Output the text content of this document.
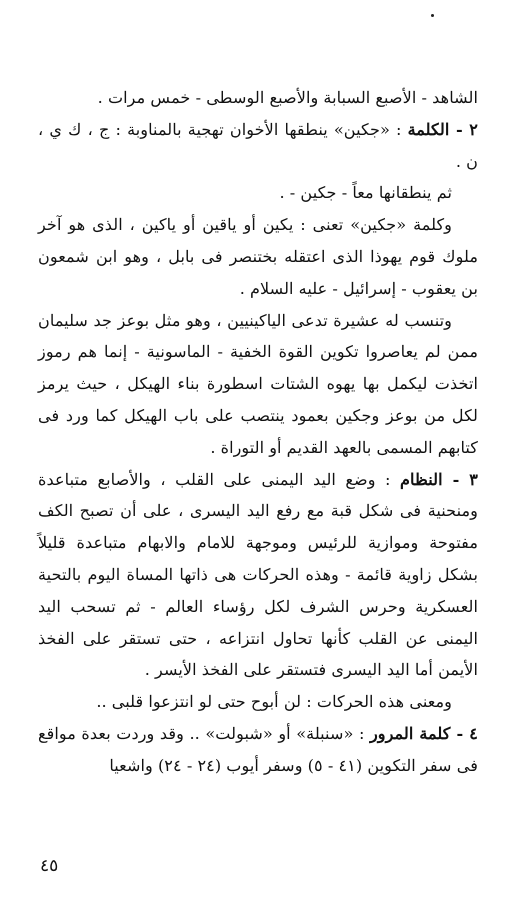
الشاهد - الأصبع السبابة والأصبع الوسطى - خمس مرات .

٢ - الكلمة : «جكين» ينطقها الأخوان تهجية بالمناوبة : ج ، ك ي ، ن .

ثم ينطقانها معاً - جكين - .

وكلمة «جكين» تعنى : يكين أو ياقين أو ياكين ، الذى هو آخر ملوك قوم يهوذا الذى اعتقله بختنصر فى بابل ، وهو ابن شمعون بن يعقوب - إسرائيل - عليه السلام .

وتنسب له عشيرة تدعى الياكينيين ، وهو مثل بوعز جد سليمان ممن لم يعاصروا تكوين القوة الخفية - الماسونية - إنما هم رموز اتخذت ليكمل بها يهوه الشتات اسطورة بناء الهيكل ، حيث يرمز لكل من بوعز وجكين بعمود ينتصب على باب الهيكل كما ورد فى كتابهم المسمى بالعهد القديم أو التوراة .

٣ - النظام : وضع اليد اليمنى على القلب ، والأصابع متباعدة ومنحنية فى شكل قبة مع رفع اليد اليسرى ، على أن تصبح الكف مفتوحة وموازية للرئيس وموجهة للامام والابهام متباعدة قليلاً بشكل زاوية قائمة - وهذه الحركات هى ذاتها المساة اليوم بالتحية العسكرية وحرس الشرف لكل رؤساء العالم - ثم تسحب اليد اليمنى عن القلب كأنها تحاول انتزاعه ، حتى تستقر على الفخذ الأيمن أما اليد اليسرى فتستقر على الفخذ الأيسر .

ومعنى هذه الحركات : لن أبوح حتى لو انتزعوا قلبى ..

٤ - كلمة المرور : «سنبلة» أو «شبولت» .. وقد وردت بعدة مواقع فى سفر التكوين (٤١ - ٥) وسفر أيوب (٢٤ - ٢٤) واشعيا

٤٥
